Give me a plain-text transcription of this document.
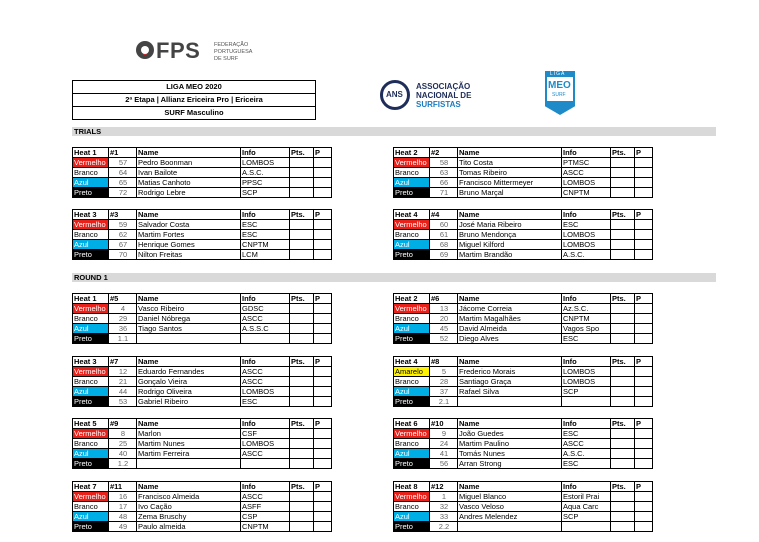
FPS FEDERAÇÃO
PORTUGUESA
DE SURF
LIGA MEO 2020
2ª Etapa | Allianz Ericeira Pro | Ericeira
SURF Masculino
ANS
ASSOCIAÇÃO
NACIONAL DE
SURFISTAS
LIGA
MEO
SURF
TRIALS
ROUND 1
Heat 1	#1	Name	Info	Pts.	P
Vermelho	57	Pedro Boonman	LOMBOS		
Branco	64	Ivan Bailote	A.S.C.		
Azul	65	Matias Canhoto	PPSC		
Preto	72	Rodrigo Lebre	SCP		
Heat 2	#2	Name	Info	Pts.	P
Vermelho	58	Tito Costa	PTMSC		
Branco	63	Tomas Ribeiro	ASCC		
Azul	66	Francisco Mittermeyer	LOMBOS		
Preto	71	Bruno Marçal	CNPTM		
Heat 3	#3	Name	Info	Pts.	P
Vermelho	59	Salvador Costa	ESC		
Branco	62	Martim Fortes	ESC		
Azul	67	Henrique Gomes	CNPTM		
Preto	70	Nilton Freitas	LCM		
Heat 4	#4	Name	Info	Pts.	P
Vermelho	60	José Maria Ribeiro	ESC		
Branco	61	Bruno Mendonça	LOMBOS		
Azul	68	Miguel Kilford	LOMBOS		
Preto	69	Martim Brandão	A.S.C.		
Heat 1	#5	Name	Info	Pts.	P
Vermelho	4	Vasco Ribeiro	GDSC		
Branco	29	Daniel Nóbrega	ASCC		
Azul	36	Tiago Santos	A.S.S.C		
Preto	1.1				
Heat 2	#6	Name	Info	Pts.	P
Vermelho	13	Jácome Correia	Az.S.C.		
Branco	20	Martim Magalhães	CNPTM		
Azul	45	David Almeida	Vagos Spo		
Preto	52	Diego Alves	ESC		
Heat 3	#7	Name	Info	Pts.	P
Vermelho	12	Eduardo Fernandes	ASCC		
Branco	21	Gonçalo Vieira	ASCC		
Azul	44	Rodrigo Oliveira	LOMBOS		
Preto	53	Gabriel Ribeiro	ESC		
Heat 4	#8	Name	Info	Pts.	P
Amarelo	5	Frederico Morais	LOMBOS		
Branco	28	Santiago Graça	LOMBOS		
Azul	37	Rafael Silva	SCP		
Preto	2.1				
Heat 5	#9	Name	Info	Pts.	P
Vermelho	8	Marlon	CSF		
Branco	25	Martim Nunes	LOMBOS		
Azul	40	Martim Ferreira	ASCC		
Preto	1.2				
Heat 6	#10	Name	Info	Pts.	P
Vermelho	9	João Guedes	ESC		
Branco	24	Martim Paulino	ASCC		
Azul	41	Tomás Nunes	A.S.C.		
Preto	56	Arran Strong	ESC		
Heat 7	#11	Name	Info	Pts.	P
Vermelho	16	Francisco Almeida	ASCC		
Branco	17	Ivo Cação	ASFF		
Azul	48	Zema Bruschy	CSP		
Preto	49	Paulo almeida	CNPTM		
Heat 8	#12	Name	Info	Pts.	P
Vermelho	1	Miguel Blanco	Estoril Prai		
Branco	32	Vasco Veloso	Aqua Carc		
Azul	33	Andres Melendez	SCP		
Preto	2.2				
